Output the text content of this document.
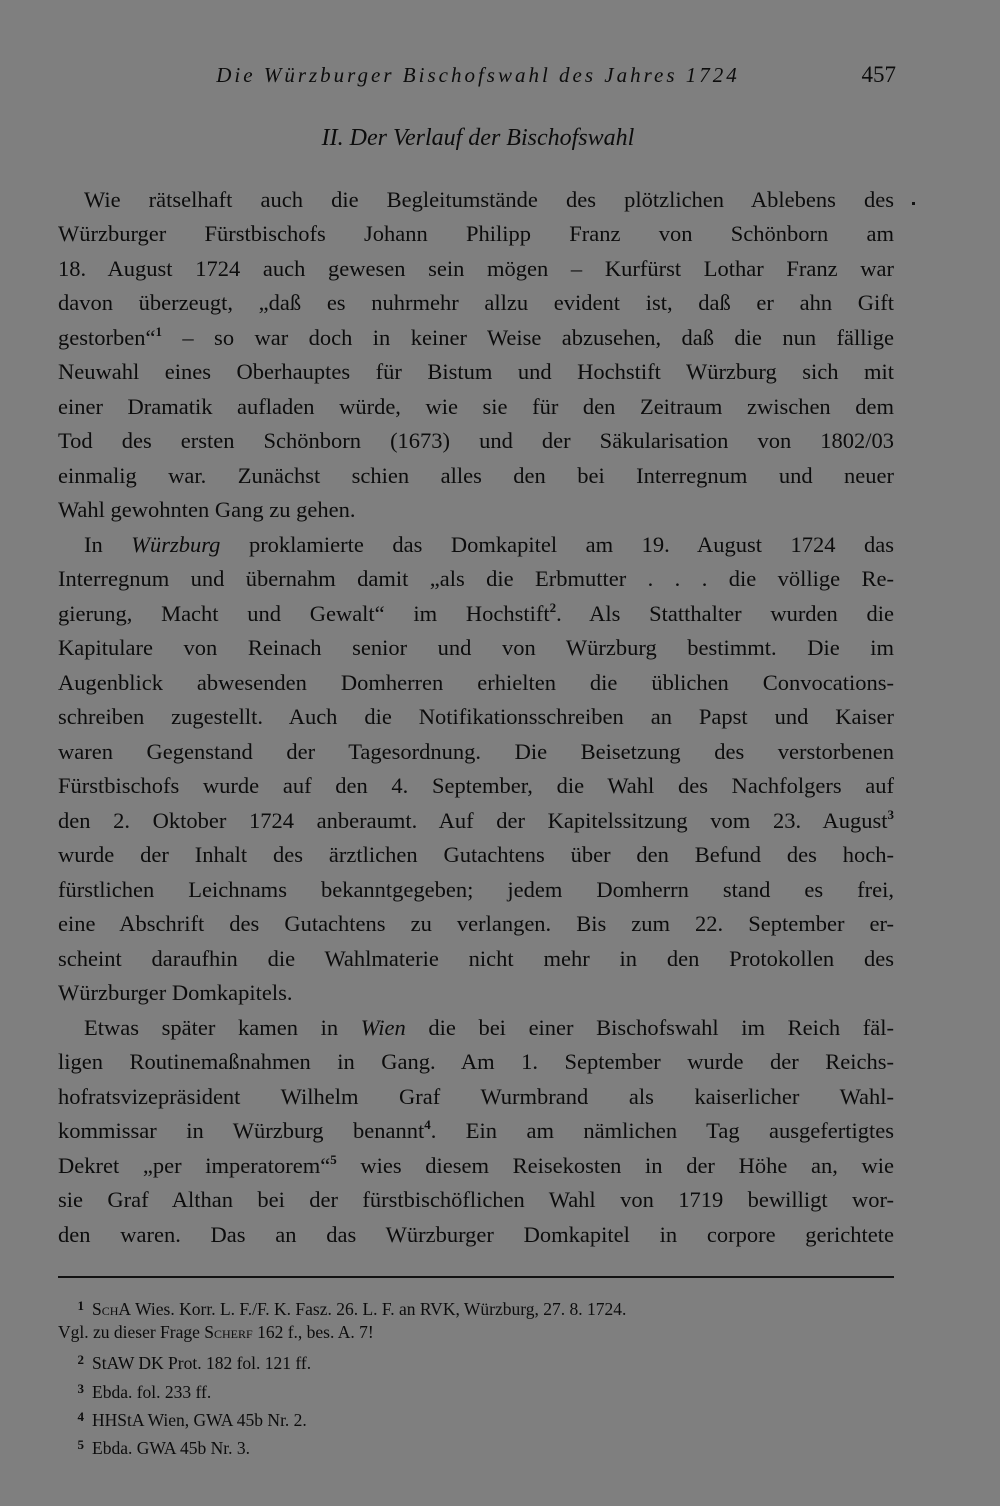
Die Würzburger Bischofswahl des Jahres 1724	457
II. Der Verlauf der Bischofswahl
Wie rätselhaft auch die Begleitumstände des plötzlichen Ablebens des
Würzburger Fürstbischofs Johann Philipp Franz von Schönborn am
18. August 1724 auch gewesen sein mögen – Kurfürst Lothar Franz war
davon überzeugt, „daß es nuhrmehr allzu evident ist, daß er ahn Gift
gestorben“$^1$ – so war doch in keiner Weise abzusehen, daß die nun fällige
Neuwahl eines Oberhauptes für Bistum und Hochstift Würzburg sich mit
einer Dramatik aufladen würde, wie sie für den Zeitraum zwischen dem
Tod des ersten Schönborn (1673) und der Säkularisation von 1802/03
einmalig war. Zunächst schien alles den bei Interregnum und neuer
Wahl gewohnten Gang zu gehen.
In Würzburg proklamierte das Domkapitel am 19. August 1724 das
Interregnum und übernahm damit „als die Erbmutter . . . die völlige Re-
gierung, Macht und Gewalt“ im Hochstift$^2$. Als Statthalter wurden die
Kapitulare von Reinach senior und von Würzburg bestimmt. Die im
Augenblick abwesenden Domherren erhielten die üblichen Convocations-
schreiben zugestellt. Auch die Notifikationsschreiben an Papst und Kaiser
waren Gegenstand der Tagesordnung. Die Beisetzung des verstorbenen
Fürstbischofs wurde auf den 4. September, die Wahl des Nachfolgers auf
den 2. Oktober 1724 anberaumt. Auf der Kapitelssitzung vom 23. August$^3$
wurde der Inhalt des ärztlichen Gutachtens über den Befund des hoch-
fürstlichen Leichnams bekanntgegeben; jedem Domherrn stand es frei,
eine Abschrift des Gutachtens zu verlangen. Bis zum 22. September er-
scheint daraufhin die Wahlmaterie nicht mehr in den Protokollen des
Würzburger Domkapitels.
Etwas später kamen in Wien die bei einer Bischofswahl im Reich fäl-
ligen Routinemaßnahmen in Gang. Am 1. September wurde der Reichs-
hofratsvizepräsident Wilhelm Graf Wurmbrand als kaiserlicher Wahl-
kommissar in Würzburg benannt$^4$. Ein am nämlichen Tag ausgefertigtes
Dekret „per imperatorem“$^5$ wies diesem Reisekosten in der Höhe an, wie
sie Graf Althan bei der fürstbischöflichen Wahl von 1719 bewilligt wor-
den waren. Das an das Würzburger Domkapitel in corpore gerichtete
1 SchA Wies. Korr. L. F./F. K. Fasz. 26. L. F. an RVK, Würzburg, 27. 8. 1724.
Vgl. zu dieser Frage Scherf 162 f., bes. A. 7!
2 StAW DK Prot. 182 fol. 121 ff.
3 Ebda. fol. 233 ff.
4 HHStA Wien, GWA 45b Nr. 2.
5 Ebda. GWA 45b Nr. 3.
